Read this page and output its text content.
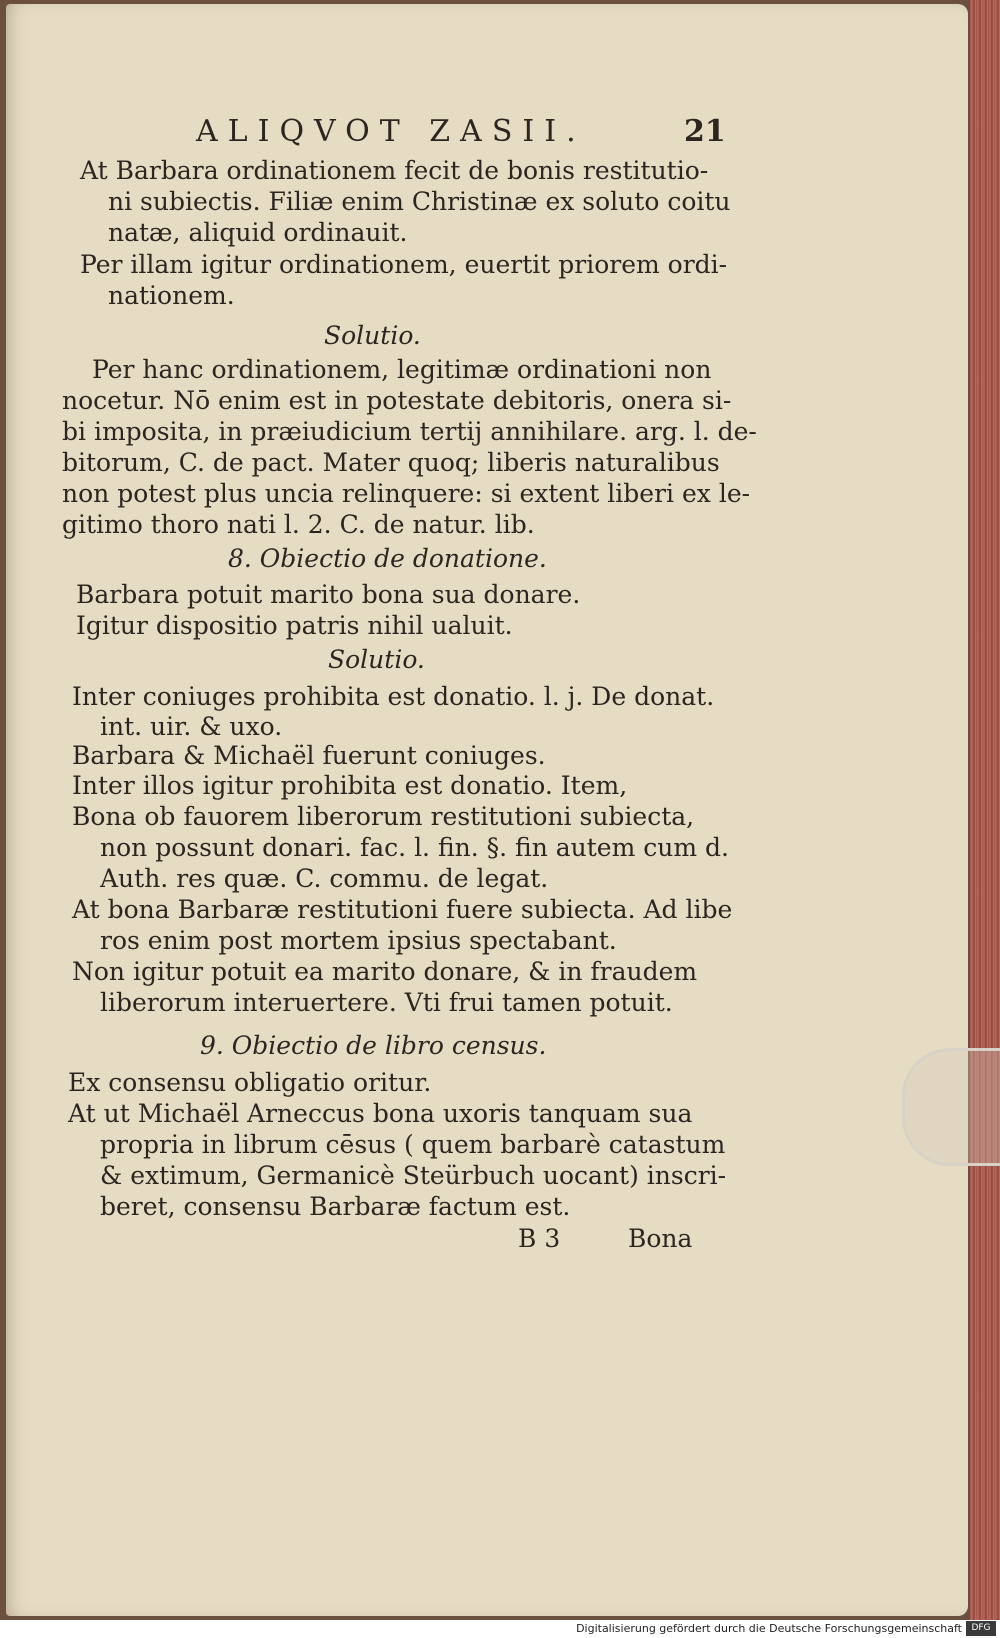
ALIQVOT ZASII.	21
At Barbara ordinationem fecit de bonis restitutio-
ni subiectis. Filiæ enim Christinæ ex soluto coitu
natæ, aliquid ordinauit.
Per illam igitur ordinationem, euertit priorem ordi-
nationem.
Solutio.
Per hanc ordinationem, legitimæ ordinationi non
nocetur. Nō enim est in potestate debitoris, onera si-
bi imposita, in præiudicium tertij annihilare. arg. l. de-
bitorum, C. de pact. Mater quoq; liberis naturalibus
non potest plus uncia relinquere: si extent liberi ex le-
gitimo thoro nati l. 2. C. de natur. lib.
8. Obiectio de donatione.
Barbara potuit marito bona sua donare.
Igitur dispositio patris nihil ualuit.
Solutio.
Inter coniuges prohibita est donatio. l. j. De donat.
int. uir. & uxo.
Barbara & Michaël fuerunt coniuges.
Inter illos igitur prohibita est donatio. Item,
Bona ob fauorem liberorum restitutioni subiecta,
non possunt donari. fac. l. fin. §. fin autem cum d.
Auth. res quæ. C. commu. de legat.
At bona Barbaræ restitutioni fuere subiecta. Ad libe
ros enim post mortem ipsius spectabant.
Non igitur potuit ea marito donare, & in fraudem
liberorum interuertere. Vti frui tamen potuit.
9. Obiectio de libro census.
Ex consensu obligatio oritur.
At ut Michaël Arneccus bona uxoris tanquam sua
propria in librum cēsus ( quem barbarè catastum
& extimum, Germanicè Steürbuch uocant) inscri-
beret, consensu Barbaræ factum est.
B 3	Bona
Digitalisierung gefördert durch die Deutsche Forschungsgemeinschaft	DFG
